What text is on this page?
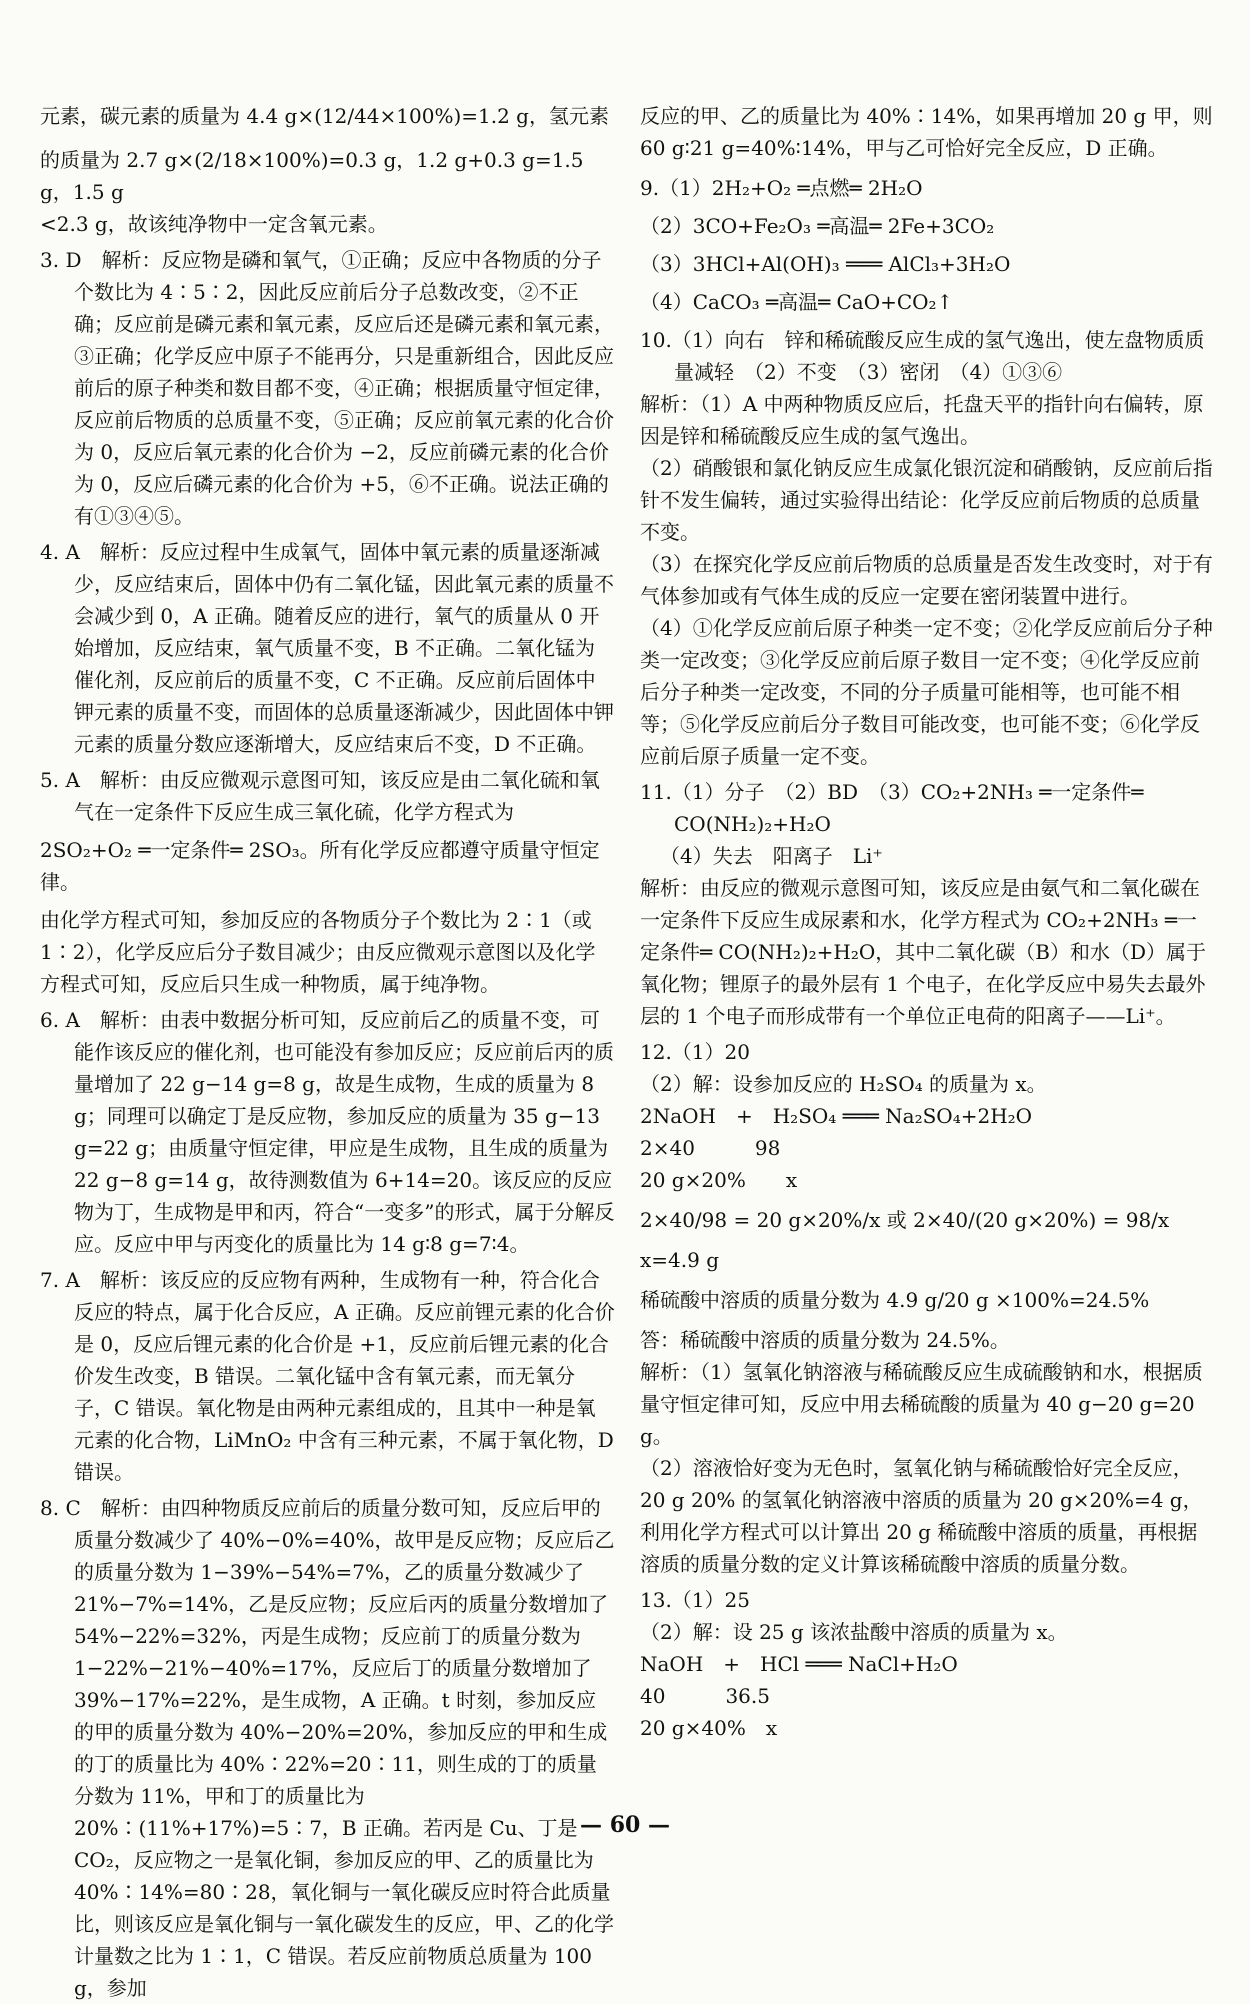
元素，碳元素的质量为 4.4 g×(12/44×100%)=1.2 g，氢元素

的质量为 2.7 g×(2/18×100%)=0.3 g，1.2 g+0.3 g=1.5 g，1.5 g

<2.3 g，故该纯净物中一定含氧元素。

3. D　解析：反应物是磷和氧气，①正确；反应中各物质的分子个数比为 4∶5∶2，因此反应前后分子总数改变，②不正确；反应前是磷元素和氧元素，反应后还是磷元素和氧元素，③正确；化学反应中原子不能再分，只是重新组合，因此反应前后的原子种类和数目都不变，④正确；根据质量守恒定律，反应前后物质的总质量不变，⑤正确；反应前氧元素的化合价为 0，反应后氧元素的化合价为 −2，反应前磷元素的化合价为 0，反应后磷元素的化合价为 +5，⑥不正确。说法正确的有①③④⑤。

4. A　解析：反应过程中生成氧气，固体中氧元素的质量逐渐减少，反应结束后，固体中仍有二氧化锰，因此氧元素的质量不会减少到 0，A 正确。随着反应的进行，氧气的质量从 0 开始增加，反应结束，氧气质量不变，B 不正确。二氧化锰为催化剂，反应前后的质量不变，C 不正确。反应前后固体中钾元素的质量不变，而固体的总质量逐渐减少，因此固体中钾元素的质量分数应逐渐增大，反应结束后不变，D 不正确。

5. A　解析：由反应微观示意图可知，该反应是由二氧化硫和氧气在一定条件下反应生成三氧化硫，化学方程式为

2SO₂+O₂ ═一定条件═ 2SO₃。所有化学反应都遵守质量守恒定律。

由化学方程式可知，参加反应的各物质分子个数比为 2∶1（或 1∶2），化学反应后分子数目减少；由反应微观示意图以及化学方程式可知，反应后只生成一种物质，属于纯净物。

6. A　解析：由表中数据分析可知，反应前后乙的质量不变，可能作该反应的催化剂，也可能没有参加反应；反应前后丙的质量增加了 22 g−14 g=8 g，故是生成物，生成的质量为 8 g；同理可以确定丁是反应物，参加反应的质量为 35 g−13 g=22 g；由质量守恒定律，甲应是生成物，且生成的质量为 22 g−8 g=14 g，故待测数值为 6+14=20。该反应的反应物为丁，生成物是甲和丙，符合“一变多”的形式，属于分解反应。反应中甲与丙变化的质量比为 14 g∶8 g=7∶4。

7. A　解析：该反应的反应物有两种，生成物有一种，符合化合反应的特点，属于化合反应，A 正确。反应前锂元素的化合价是 0，反应后锂元素的化合价是 +1，反应前后锂元素的化合价发生改变，B 错误。二氧化锰中含有氧元素，而无氧分子，C 错误。氧化物是由两种元素组成的，且其中一种是氧元素的化合物，LiMnO₂ 中含有三种元素，不属于氧化物，D 错误。

8. C　解析：由四种物质反应前后的质量分数可知，反应后甲的质量分数减少了 40%−0%=40%，故甲是反应物；反应后乙的质量分数为 1−39%−54%=7%，乙的质量分数减少了 21%−7%=14%，乙是反应物；反应后丙的质量分数增加了 54%−22%=32%，丙是生成物；反应前丁的质量分数为 1−22%−21%−40%=17%，反应后丁的质量分数增加了 39%−17%=22%，是生成物，A 正确。t 时刻，参加反应的甲的质量分数为 40%−20%=20%，参加反应的甲和生成的丁的质量比为 40%∶22%=20∶11，则生成的丁的质量分数为 11%，甲和丁的质量比为 20%∶(11%+17%)=5∶7，B 正确。若丙是 Cu、丁是 CO₂，反应物之一是氧化铜，参加反应的甲、乙的质量比为 40%∶14%=80∶28，氧化铜与一氧化碳反应时符合此质量比，则该反应是氧化铜与一氧化碳发生的反应，甲、乙的化学计量数之比为 1∶1，C 错误。若反应前物质总质量为 100 g，参加

反应的甲、乙的质量比为 40%∶14%，如果再增加 20 g 甲，则 60 g∶21 g=40%∶14%，甲与乙可恰好完全反应，D 正确。

9.（1）2H₂+O₂ ═点燃═ 2H₂O

（2）3CO+Fe₂O₃ ═高温═ 2Fe+3CO₂

（3）3HCl+Al(OH)₃ ═══ AlCl₃+3H₂O

（4）CaCO₃ ═高温═ CaO+CO₂↑

10.（1）向右　锌和稀硫酸反应生成的氢气逸出，使左盘物质质量减轻　（2）不变　（3）密闭　（4）①③⑥

解析：（1）A 中两种物质反应后，托盘天平的指针向右偏转，原因是锌和稀硫酸反应生成的氢气逸出。

（2）硝酸银和氯化钠反应生成氯化银沉淀和硝酸钠，反应前后指针不发生偏转，通过实验得出结论：化学反应前后物质的总质量不变。

（3）在探究化学反应前后物质的总质量是否发生改变时，对于有气体参加或有气体生成的反应一定要在密闭装置中进行。

（4）①化学反应前后原子种类一定不变；②化学反应前后分子种类一定改变；③化学反应前后原子数目一定不变；④化学反应前后分子种类一定改变，不同的分子质量可能相等，也可能不相等；⑤化学反应前后分子数目可能改变，也可能不变；⑥化学反应前后原子质量一定不变。

11.（1）分子　（2）BD　（3）CO₂+2NH₃ ═一定条件═ CO(NH₂)₂+H₂O

（4）失去　阳离子　Li⁺

解析：由反应的微观示意图可知，该反应是由氨气和二氧化碳在一定条件下反应生成尿素和水，化学方程式为 CO₂+2NH₃ ═一定条件═ CO(NH₂)₂+H₂O，其中二氧化碳（B）和水（D）属于氧化物；锂原子的最外层有 1 个电子，在化学反应中易失去最外层的 1 个电子而形成带有一个单位正电荷的阳离子——Li⁺。

12.（1）20

（2）解：设参加反应的 H₂SO₄ 的质量为 x。

2NaOH　+　H₂SO₄ ═══ Na₂SO₄+2H₂O

2×40　　　98

20 g×20%　　x

2×40/98 = 20 g×20%/x 或 2×40/(20 g×20%) = 98/x

x=4.9 g

稀硫酸中溶质的质量分数为 4.9 g/20 g ×100%=24.5%

答：稀硫酸中溶质的质量分数为 24.5%。

解析：（1）氢氧化钠溶液与稀硫酸反应生成硫酸钠和水，根据质量守恒定律可知，反应中用去稀硫酸的质量为 40 g−20 g=20 g。

（2）溶液恰好变为无色时，氢氧化钠与稀硫酸恰好完全反应，20 g 20% 的氢氧化钠溶液中溶质的质量为 20 g×20%=4 g，利用化学方程式可以计算出 20 g 稀硫酸中溶质的质量，再根据溶质的质量分数的定义计算该稀硫酸中溶质的质量分数。

13.（1）25

（2）解：设 25 g 该浓盐酸中溶质的质量为 x。

NaOH　+　HCl ═══ NaCl+H₂O

40　　　36.5

20 g×40%　x

— 60 —
